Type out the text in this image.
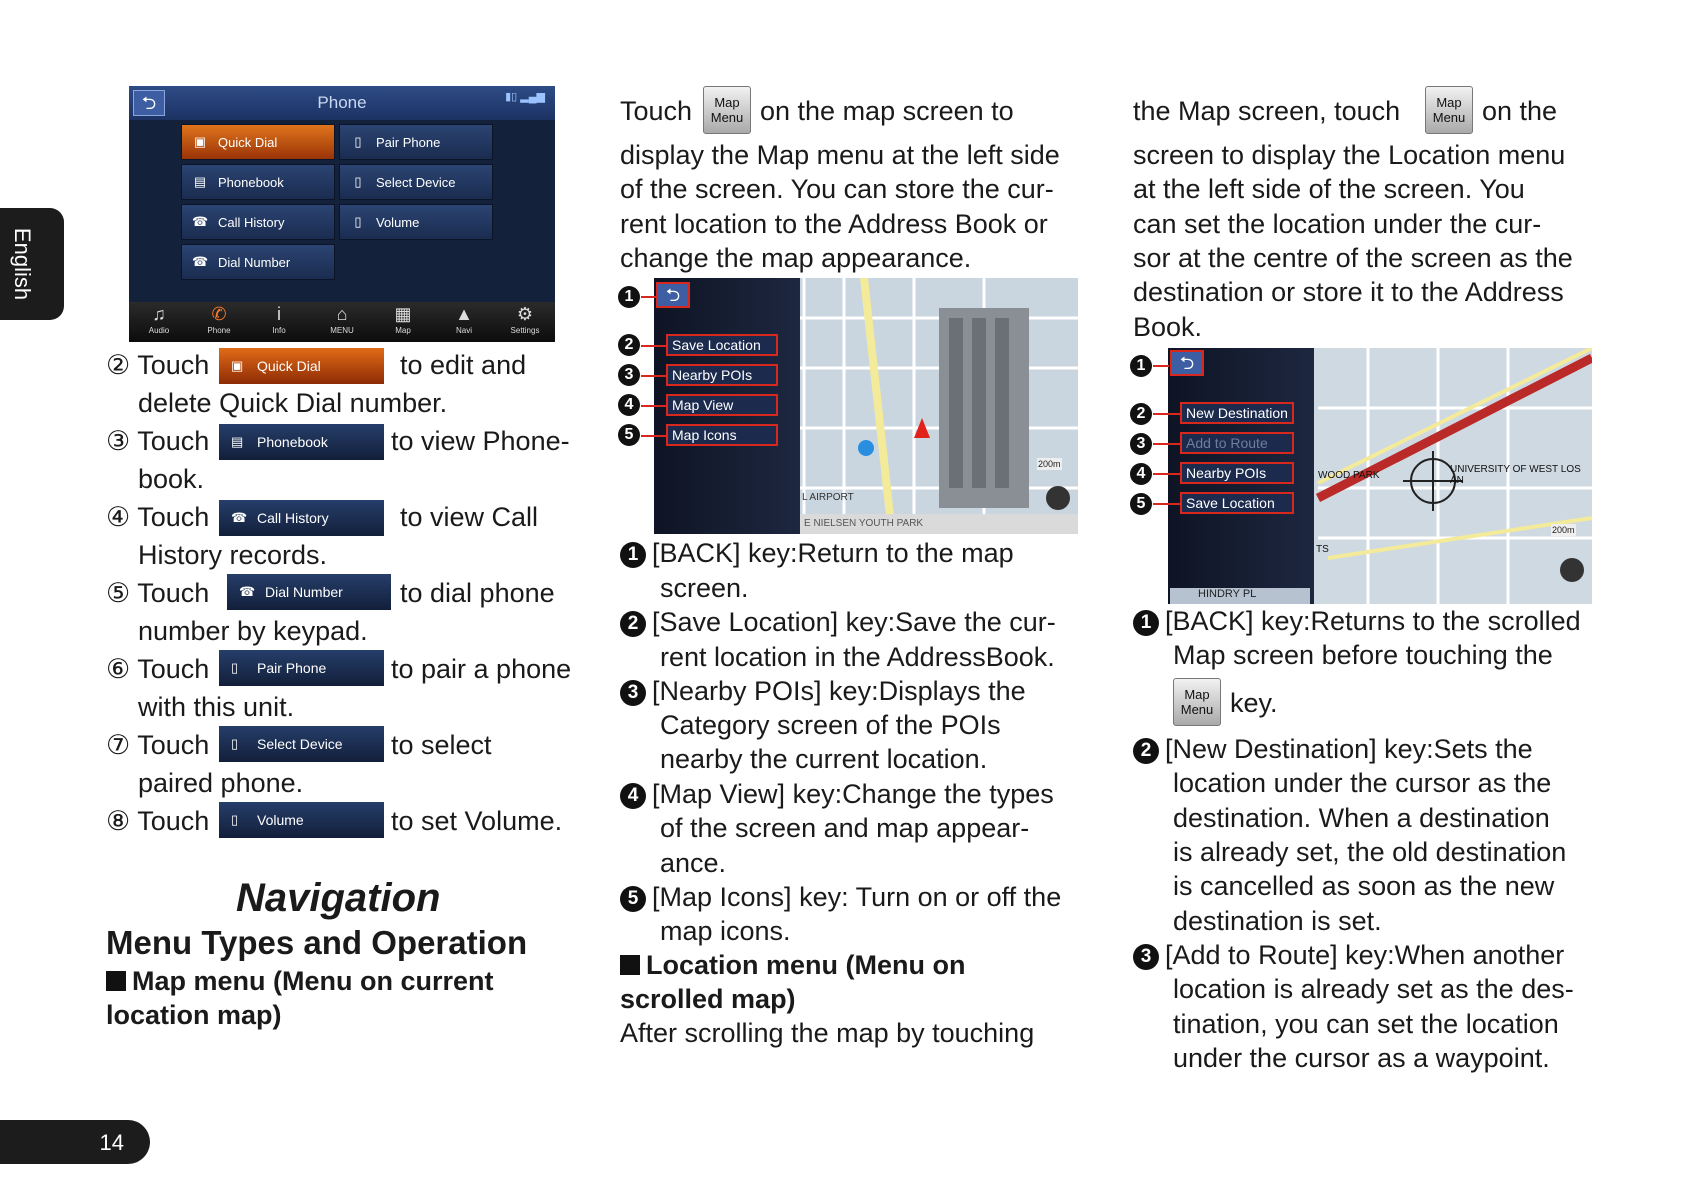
English
⮌	Phone	▮▯ ▂▄▆
▣ Quick Dial	▯	Pair Phone
▤ Phonebook	▯	Select Device
☎ Call History	▯	Volume
☎ Dial Number
♫
Audio
✆
Phone
i
Info
⌂
MENU
▦
Map
▲
Navi
⚙
Settings
② Touch ▣ Quick Dial	to edit and
delete Quick Dial number.
③ Touch ▤ Phonebook	to view Phone-
book.
④ Touch ☎ Call History	to view Call
History records.
⑤ Touch ☎ Dial Number	to dial phone
number by keypad.
⑥ Touch ▯ Pair Phone	to pair a phone
with this unit.
⑦ Touch ▯ Select Device	to select
paired phone.
⑧ Touch ▯ Volume	to set Volume.
Navigation
Menu Types and Operation
Map menu (Menu on current
location map)
Touch	Map
Menu on the map screen to
display the Map menu at the left side
of the screen. You can store the cur-
rent location to the Address Book or
change the map appearance.
⮌
Save Location
Nearby POIs
Map View
Map Icons
L AIRPORT
E NIELSEN YOUTH PARK
200m
1
2
3
4
5
1 [BACK] key:Return to the map
screen.
2 [Save Location] key:Save the cur-
rent location in the AddressBook.
3 [Nearby POIs] key:Displays the
Category screen of the POIs
nearby the current location.
4 [Map View] key:Change the types
of the screen and map appear-
ance.
5 [Map Icons] key: Turn on or off the
map icons.
Location menu (Menu on
scrolled map)
After scrolling the map by touching
the Map screen, touch	Map
Menu on the
screen to display the Location menu
at the left side of the screen. You
can set the location under the cur-
sor at the centre of the screen as the
destination or store it to the Address
Book.
⮌
New Destination
Add to Route
Nearby POIs
Save Location
HINDRY PL
WOOD PARK
UNIVERSITY OF WEST LOS AN
TS
200m
1
2
3
4
5
1 [BACK] key:Returns to the scrolled
Map screen before touching the
Map
Menu key.
2 [New Destination] key:Sets the
location under the cursor as the
destination. When a destination
is already set, the old destination
is cancelled as soon as the new
destination is set.
3 [Add to Route] key:When another
location is already set as the des-
tination, you can set the location
under the cursor as a waypoint.
14
